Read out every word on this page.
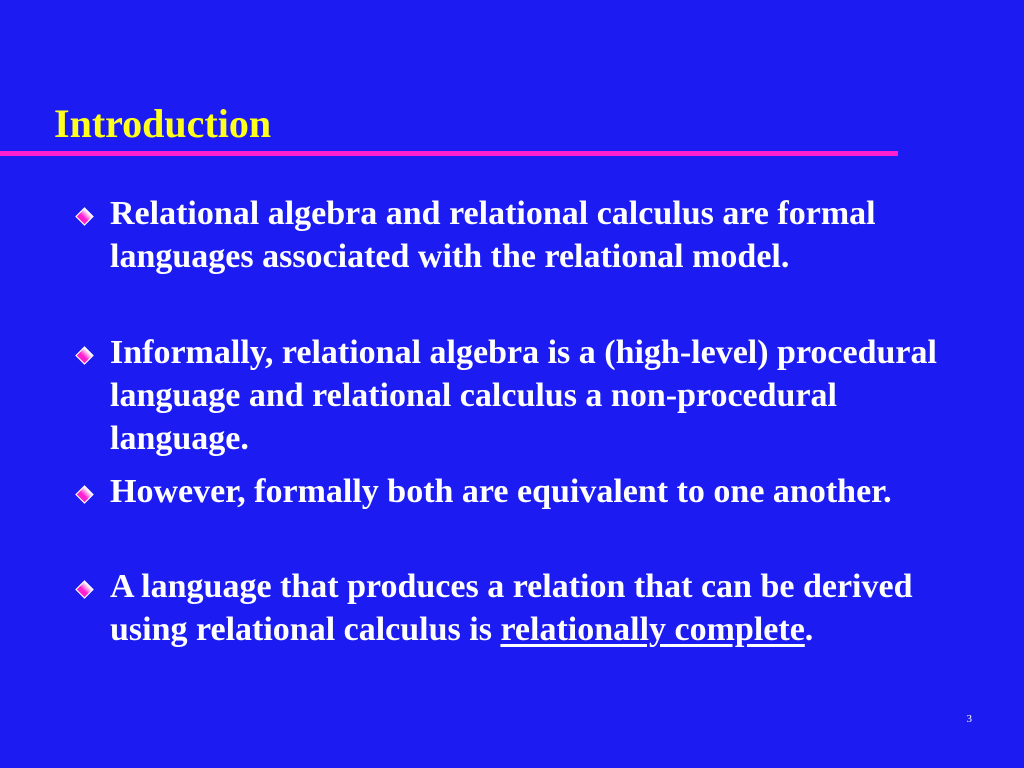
Introduction

Relational algebra and relational calculus are formal languages associated with the relational model.

Informally, relational algebra is a (high-level) procedural language and relational calculus a non-procedural language.

However, formally both are equivalent to one another.

A language that produces a relation that can be derived using relational calculus is relationally complete.

3
